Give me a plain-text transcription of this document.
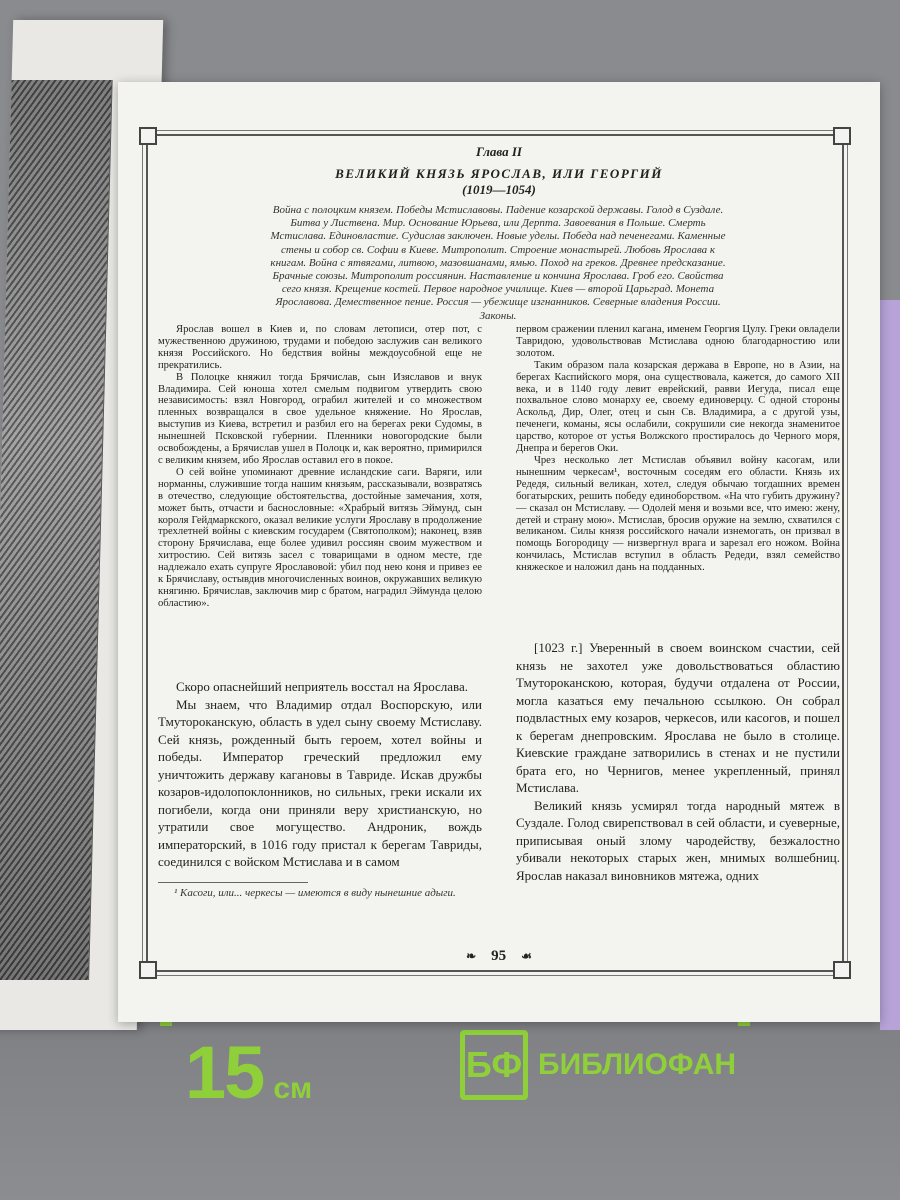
15 см
БФ БИБЛИОФАН
Глава II
ВЕЛИКИЙ КНЯЗЬ ЯРОСЛАВ, ИЛИ ГЕОРГИЙ
(1019—1054)

Война с полоцким князем. Победы Мстиславовы. Падение козарской державы. Голод в Суздале.

Битва у Листвена. Мир. Основание Юрьева, или Дерпта. Завоевания в Польше. Смерть

Мстислава. Единовластие. Судислав заключен. Новые уделы. Победа над печенегами. Каменные

стены и собор св. Софии в Киеве. Митрополит. Строение монастырей. Любовь Ярослава к

книгам. Война с ятвягами, литвою, мазовшанами, ямью. Поход на греков. Древнее предсказание.

Брачные союзы. Митрополит россиянин. Наставление и кончина Ярослава. Гроб его. Свойства

сего князя. Крещение костей. Первое народное училище. Киев — второй Царьград. Монета

Ярославова. Демественное пение. Россия — убежище изгнанников. Северные владения России.

Законы.

Ярослав вошел в Киев и, по словам летописи, отер пот, с мужественною дружиною, трудами и победою заслужив сан великого князя Российского. Но бедствия войны междоусобной еще не прекратились.

В Полоцке княжил тогда Брячислав, сын Изяславов и внук Владимира. Сей юноша хотел смелым подвигом утвердить свою независимость: взял Новгород, ограбил жителей и со множеством пленных возвращался в свое удельное княжение. Но Ярослав, выступив из Киева, встретил и разбил его на берегах реки Судомы, в нынешней Псковской губернии. Пленники новогородские были освобождены, а Брячислав ушел в Полоцк и, как вероятно, примирился с великим князем, ибо Ярослав оставил его в покое.

О сей войне упоминают древние исландские саги. Варяги, или норманны, служившие тогда нашим князьям, рассказывали, возвратясь в отечество, следующие обстоятельства, достойные замечания, хотя, может быть, отчасти и баснословные: «Храбрый витязь Эймунд, сын короля Гейдмаркского, оказал великие услуги Ярославу в продолжение трехлетней войны с киевским государем (Святополком); наконец, взяв сторону Брячислава, еще более удивил россиян своим мужеством и хитростию. Сей витязь засел с товарищами в одном месте, где надлежало ехать супруге Ярославовой: убил под нею коня и привез ее к Брячиславу, остывдив многочисленных воинов, окружавших великую княгиню. Брячислав, заключив мир с братом, наградил Эймунда целою областию».

Скоро опаснейший неприятель восстал на Ярослава.

Мы знаем, что Владимир отдал Воспорскую, или Тмутороканскую, область в удел сыну своему Мстиславу. Сей князь, рожденный быть героем, хотел войны и победы. Император греческий предложил ему уничтожить державу кагановы в Тавриде. Искав дружбы козаров-идолопоклонников, но сильных, греки искали их погибели, когда они приняли веру христианскую, но утратили свое могущество. Андроник, вождь императорский, в 1016 году пристал к берегам Тавриды, соединился с войском Мстислава и в самом

первом сражении пленил кагана, именем Георгия Цулу. Греки овладели Тавридою, удовольствовав Мстислава одною благодарностию или золотом.

Таким образом пала козарская держава в Европе, но в Азии, на берегах Каспийского моря, она существовала, кажется, до самого XII века, и в 1140 году левит еврейский, равви Иегуда, писал еще похвальное слово монарху ее, своему единоверцу. С одной стороны Аскольд, Дир, Олег, отец и сын Св. Владимира, а с другой узы, печенеги, команы, ясы ослабили, сокрушили сие некогда знаменитое царство, которое от устья Волжского простиралось до Черного моря, Днепра и берегов Оки.

Чрез несколько лет Мстислав объявил войну касогам, или нынешним черкесам¹, восточным соседям его области. Князь их Редедя, сильный великан, хотел, следуя обычаю тогдашних времен богатырских, решить победу единоборством. «На что губить дружину? — сказал он Мстиславу. — Одолей меня и возьми все, что имею: жену, детей и страну мою». Мстислав, бросив оружие на землю, схватился с великаном. Силы князя российского начали изнемогать, он призвал в помощь Богородицу — низвергнул врага и зарезал его ножом. Война кончилась, Мстислав вступил в область Редеди, взял семейство княжеское и наложил дань на подданных.

[1023 г.] Уверенный в своем воинском счастии, сей князь не захотел уже довольствоваться областию Тмутороканскою, которая, будучи отдалена от России, могла казаться ему печальною ссылкою. Он собрал подвластных ему козаров, черкесов, или касогов, и пошел к берегам днепровским. Ярослава не было в столице. Киевские граждане затворились в стенах и не пустили брата его, но Чернигов, менее укрепленный, принял Мстислава.

Великий князь усмирял тогда народный мятеж в Суздале. Голод свирепствовал в сей области, и суеверные, приписывая оный злому чародейству, безжалостно убивали некоторых старых жен, мнимых волшебниц. Ярослав наказал виновников мятежа, одних

¹ Касоги, или... черкесы — имеются в виду нынешние адыги.
❧ 95 ☙
